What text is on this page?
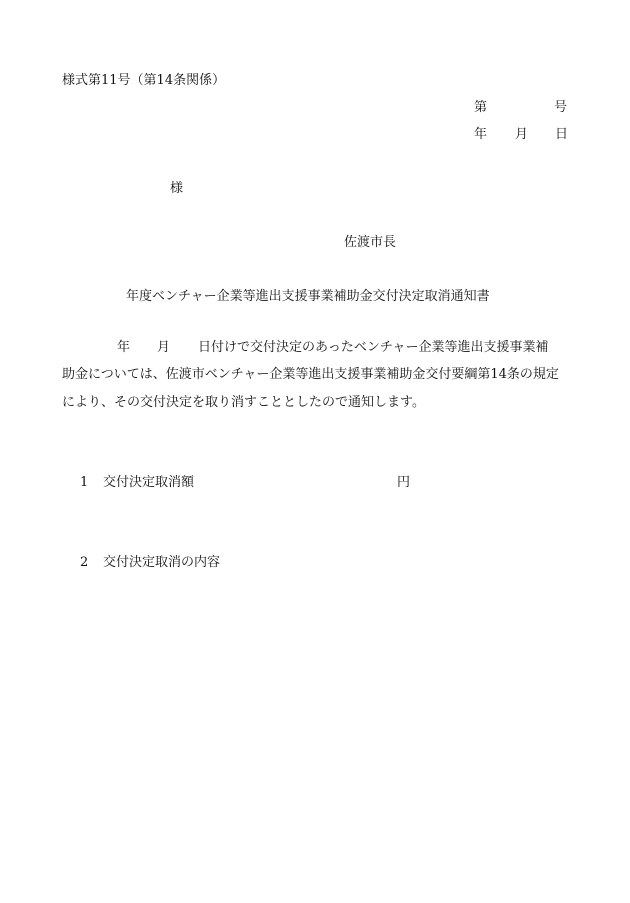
様式第11号（第14条関係）
第	号
年 月 日
様
佐渡市長
年度ベンチャー企業等進出支援事業補助金交付決定取消通知書
年 月 日付けで交付決定のあったベンチャー企業等進出支援事業補
助金については、佐渡市ベンチャー企業等進出支援事業補助金交付要綱第14条の規定
により、その交付決定を取り消すこととしたので通知します。
1 交付決定取消額	円
2 交付決定取消の内容
